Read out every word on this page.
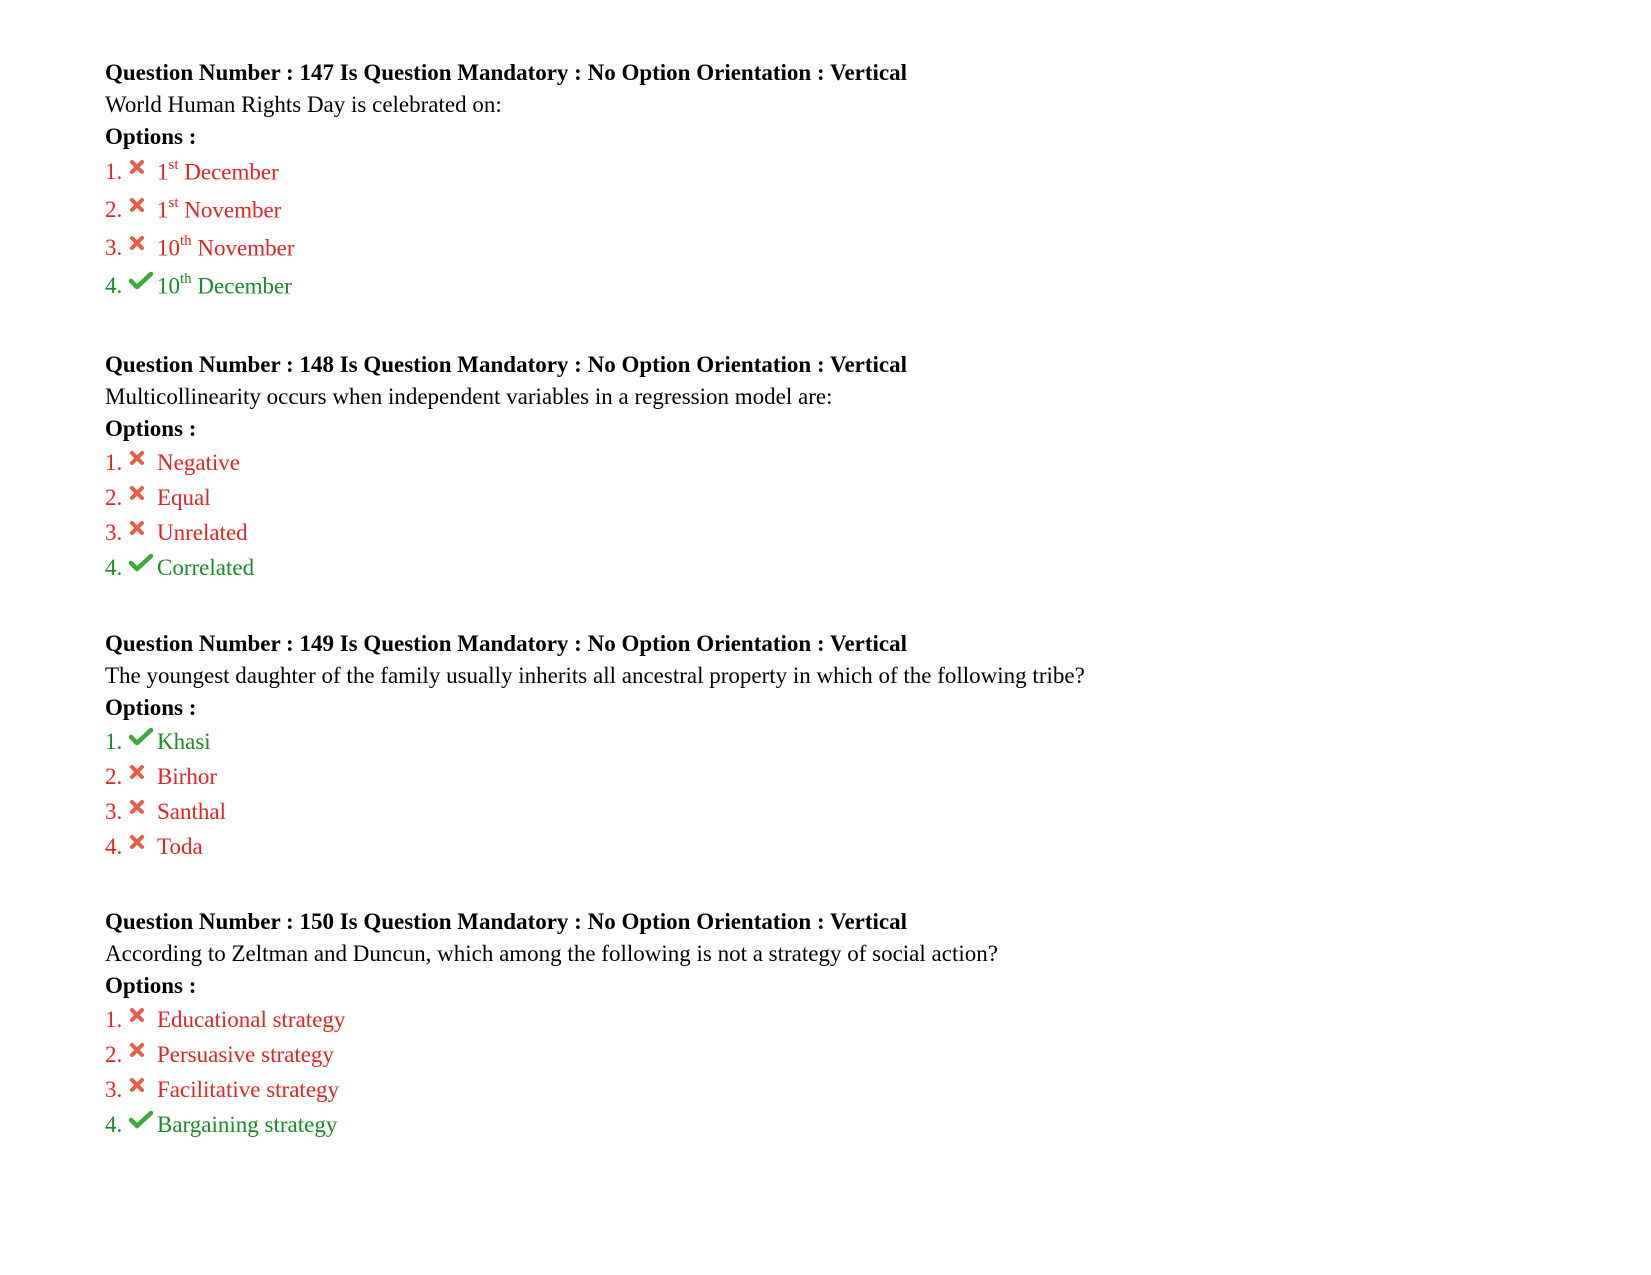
Question Number : 147 Is Question Mandatory : No Option Orientation : Vertical
World Human Rights Day is celebrated on:
Options :
1. 1st December
2. 1st November
3. 10th November
4. 10th December
Question Number : 148 Is Question Mandatory : No Option Orientation : Vertical
Multicollinearity occurs when independent variables in a regression model are:
Options :
1. Negative
2. Equal
3. Unrelated
4. Correlated
Question Number : 149 Is Question Mandatory : No Option Orientation : Vertical
The youngest daughter of the family usually inherits all ancestral property in which of the following tribe?
Options :
1. Khasi
2. Birhor
3. Santhal
4. Toda
Question Number : 150 Is Question Mandatory : No Option Orientation : Vertical
According to Zeltman and Duncun, which among the following is not a strategy of social action?
Options :
1. Educational strategy
2. Persuasive strategy
3. Facilitative strategy
4. Bargaining strategy
